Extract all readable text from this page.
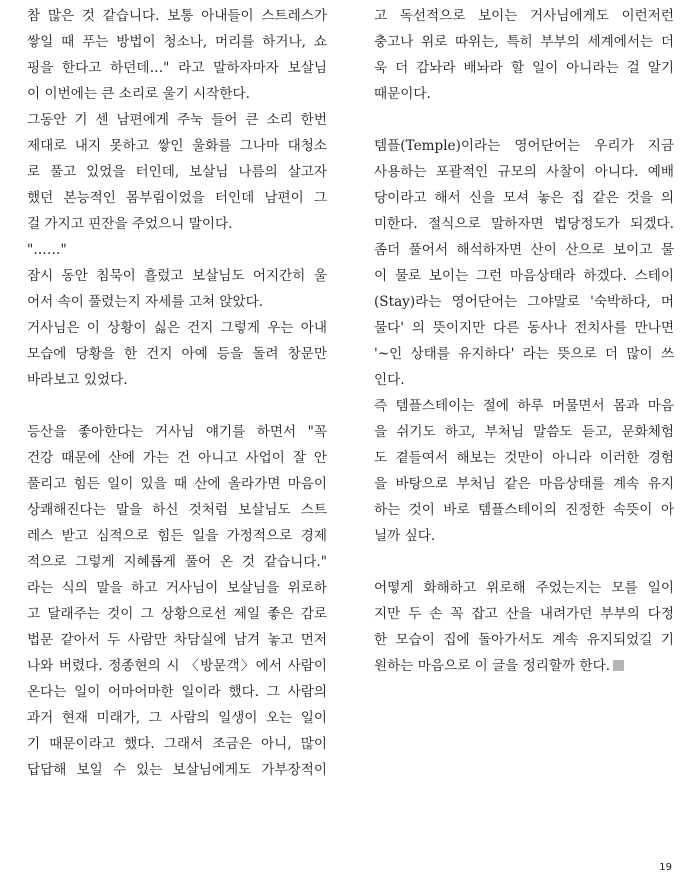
참 많은 것 같습니다. 보통 아내들이 스트레스가
쌓일 때 푸는 방법이 청소나, 머리를 하거나, 쇼
핑을 한다고 하던데…" 라고 말하자마자 보살님
이 이번에는 큰 소리로 울기 시작한다.
그동안 기 센 남편에게 주눅 들어 큰 소리 한번
제대로 내지 못하고 쌓인 울화를 그나마 대청소
로 풀고 있었을 터인데, 보살님 나름의 살고자
했던 본능적인 몸부림이었을 터인데 남편이 그
걸 가지고 핀잔을 주었으니 말이다.
"……"
잠시 동안 침묵이 흘렀고 보살님도 어지간히 울
어서 속이 풀렸는지 자세를 고쳐 앉았다.
거사님은 이 상황이 싫은 건지 그렇게 우는 아내
모습에 당황을 한 건지 아예 등을 돌려 창문만
바라보고 있었다.
등산을 좋아한다는 거사님 얘기를 하면서 "꼭
건강 때문에 산에 가는 건 아니고 사업이 잘 안
풀리고 힘든 일이 있을 때 산에 올라가면 마음이
상쾌해진다는 말을 하신 것처럼 보살님도 스트
레스 받고 심적으로 힘든 일을 가정적으로 경제
적으로 그렇게 지혜롭게 풀어 온 것 같습니다."
라는 식의 말을 하고 거사님이 보살님을 위로하
고 달래주는 것이 그 상황으로선 제일 좋은 감로
법문 같아서 두 사람만 차담실에 남겨 놓고 먼저
나와 버렸다. 정종현의 시 〈방문객〉에서 사람이
온다는 일이 어마어마한 일이라 했다. 그 사람의
과거 현재 미래가, 그 사람의 일생이 오는 일이
기 때문이라고 했다. 그래서 조금은 아니, 많이
답답해 보일 수 있는 보살님에게도 가부장적이
고 독선적으로 보이는 거사님에게도 이런저런
충고나 위로 따위는, 특히 부부의 세계에서는 더
욱 더 감놔라 배놔라 할 일이 아니라는 걸 알기
때문이다.
템플(Temple)이라는 영어단어는 우리가 지금
사용하는 포괄적인 규모의 사찰이 아니다. 예배
당이라고 해서 신을 모셔 놓은 집 같은 것을 의
미한다. 절식으로 말하자면 법당정도가 되겠다.
좀더 풀어서 해석하자면 산이 산으로 보이고 물
이 물로 보이는 그런 마음상태라 하겠다. 스테이
(Stay)라는 영어단어는 그야말로 '숙박하다, 머
물다' 의 뜻이지만 다른 동사나 전치사를 만나면
'~인 상태를 유지하다' 라는 뜻으로 더 많이 쓰
인다.
즉 템플스테이는 절에 하루 머물면서 몸과 마음
을 쉬기도 하고, 부처님 말씀도 듣고, 문화체험
도 곁들여서 해보는 것만이 아니라 이러한 경험
을 바탕으로 부처님 같은 마음상태를 계속 유지
하는 것이 바로 템플스테이의 진정한 속뜻이 아
닐까 싶다.
어떻게 화해하고 위로해 주었는지는 모를 일이
지만 두 손 꼭 잡고 산을 내려가던 부부의 다정
한 모습이 집에 돌아가서도 계속 유지되었길 기
원하는 마음으로 이 글을 정리할까 한다.
19
